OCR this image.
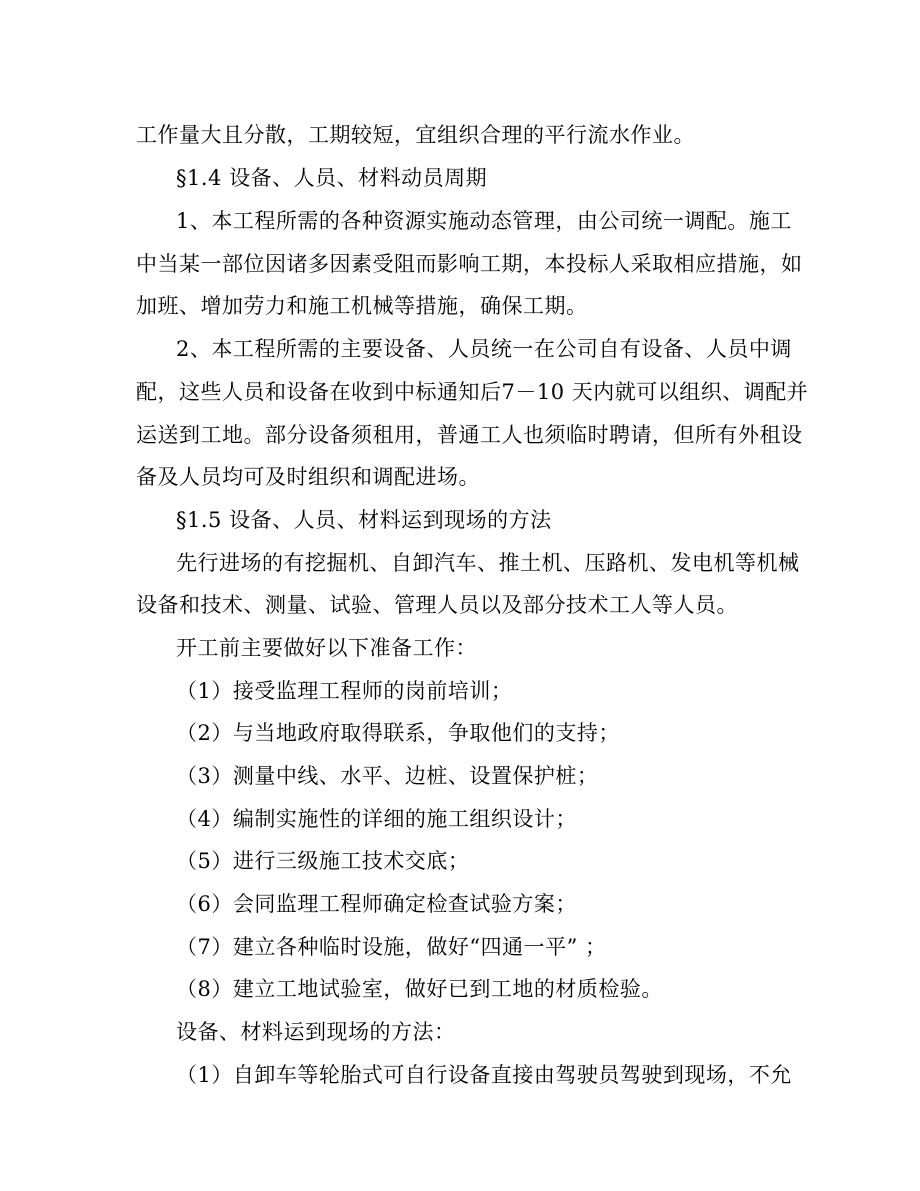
工作量大且分散，工期较短，宜组织合理的平行流水作业。
§1.4 设备、人员、材料动员周期
1、本工程所需的各种资源实施动态管理，由公司统一调配。施工
中当某一部位因诸多因素受阻而影响工期，本投标人采取相应措施，如
加班、增加劳力和施工机械等措施，确保工期。
2、本工程所需的主要设备、人员统一在公司自有设备、人员中调
配，这些人员和设备在收到中标通知后7－10 天内就可以组织、调配并
运送到工地。部分设备须租用，普通工人也须临时聘请，但所有外租设
备及人员均可及时组织和调配进场。
§1.5 设备、人员、材料运到现场的方法
先行进场的有挖掘机、自卸汽车、推土机、压路机、发电机等机械
设备和技术、测量、试验、管理人员以及部分技术工人等人员。
开工前主要做好以下准备工作：
（1）接受监理工程师的岗前培训；
（2）与当地政府取得联系，争取他们的支持；
（3）测量中线、水平、边桩、设置保护桩；
（4）编制实施性的详细的施工组织设计；
（5）进行三级施工技术交底；
（6）会同监理工程师确定检查试验方案；
（7）建立各种临时设施，做好“四通一平” ；
（8）建立工地试验室，做好已到工地的材质检验。
设备、材料运到现场的方法：
（1）自卸车等轮胎式可自行设备直接由驾驶员驾驶到现场，不允
